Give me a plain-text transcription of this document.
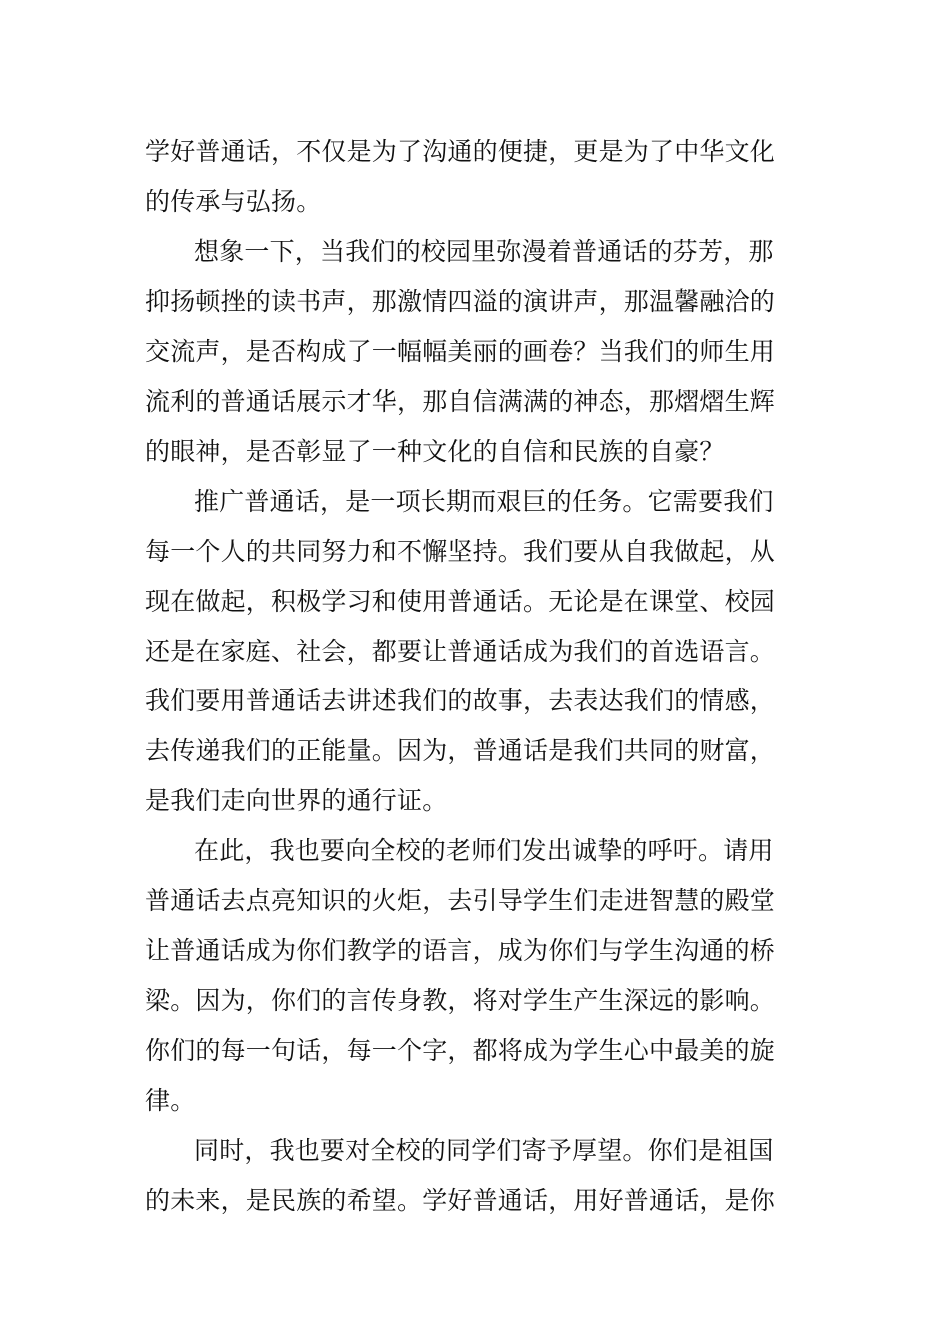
学好普通话，不仅是为了沟通的便捷，更是为了中华文化

的传承与弘扬。

想象一下，当我们的校园里弥漫着普通话的芬芳，那

抑扬顿挫的读书声，那激情四溢的演讲声，那温馨融洽的

交流声，是否构成了一幅幅美丽的画卷？当我们的师生用

流利的普通话展示才华，那自信满满的神态，那熠熠生辉

的眼神，是否彰显了一种文化的自信和民族的自豪？

推广普通话，是一项长期而艰巨的任务。它需要我们

每一个人的共同努力和不懈坚持。我们要从自我做起，从

现在做起，积极学习和使用普通话。无论是在课堂、校园

还是在家庭、社会，都要让普通话成为我们的首选语言。

我们要用普通话去讲述我们的故事，去表达我们的情感，

去传递我们的正能量。因为，普通话是我们共同的财富，

是我们走向世界的通行证。

在此，我也要向全校的老师们发出诚挚的呼吁。请用

普通话去点亮知识的火炬，去引导学生们走进智慧的殿堂

让普通话成为你们教学的语言，成为你们与学生沟通的桥

梁。因为，你们的言传身教，将对学生产生深远的影响。

你们的每一句话，每一个字，都将成为学生心中最美的旋

律。

同时，我也要对全校的同学们寄予厚望。你们是祖国

的未来，是民族的希望。学好普通话，用好普通话，是你
